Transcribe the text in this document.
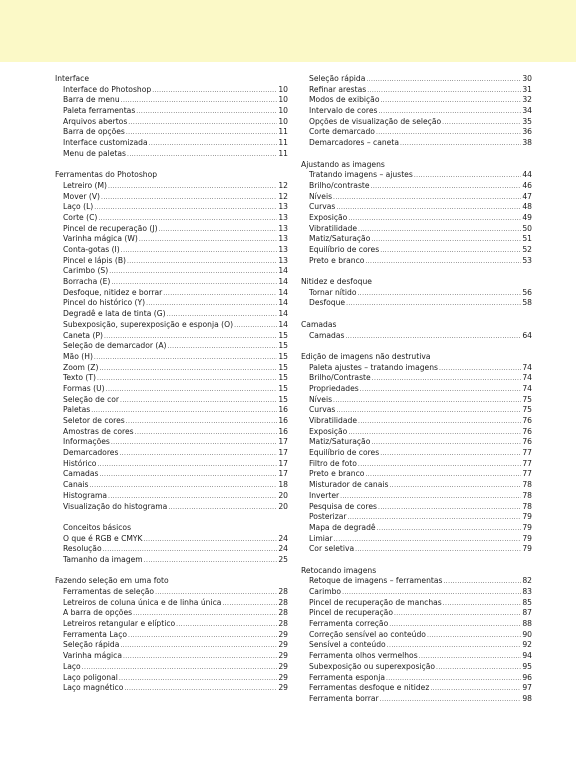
Interface
Interface do Photoshop .....	10
Barra de menu .....	10
Paleta ferramentas .....	10
Arquivos abertos .....	10
Barra de opções .....	11
Interface customizada .....	11
Menu de paletas .....	11
Ferramentas do Photoshop
Letreiro (M) .....	12
Mover (V) .....	12
Laço (L) .....	13
Corte (C) .....	13
Pincel de recuperação (J) .....	13
Varinha mágica (W) .....	13
Conta-gotas (I) .....	13
Pincel e lápis (B) .....	13
Carimbo (S) .....	14
Borracha (E) .....	14
Desfoque, nitidez e borrar .....	14
Pincel do histórico (Y) .....	14
Degradê e lata de tinta (G) .....	14
Subexposição, superexposição e esponja (O) .....	14
Caneta (P) .....	15
Seleção de demarcador (A) .....	15
Mão (H) .....	15
Zoom (Z) .....	15
Texto (T) .....	15
Formas (U) .....	15
Seleção de cor .....	15
Paletas .....	16
Seletor de cores .....	16
Amostras de cores .....	16
Informações .....	17
Demarcadores .....	17
Histórico .....	17
Camadas .....	17
Canais .....	18
Histograma .....	20
Visualização do histograma .....	20
Conceitos básicos
O que é RGB e CMYK .....	24
Resolução .....	24
Tamanho da imagem .....	25
Fazendo seleção em uma foto
Ferramentas de seleção .....	28
Letreiros de coluna única e de linha única .....	28
A barra de opções .....	28
Letreiros retangular e elíptico .....	28
Ferramenta Laço .....	29
Seleção rápida .....	29
Varinha mágica .....	29
Laço .....	29
Laço poligonal .....	29
Laço magnético .....	29
Seleção rápida .....	30
Refinar arestas .....	31
Modos de exibição .....	32
Intervalo de cores .....	34
Opções de visualização de seleção .....	35
Corte demarcado .....	36
Demarcadores – caneta .....	38
Ajustando as imagens
Tratando imagens – ajustes .....	44
Brilho/contraste .....	46
Níveis .....	47
Curvas .....	48
Exposição .....	49
Vibratilidade .....	50
Matiz/Saturação .....	51
Equilíbrio de cores .....	52
Preto e branco .....	53
Nitidez e desfoque
Tornar nítido .....	56
Desfoque .....	58
Camadas
Camadas .....	64
Edição de imagens não destrutiva
Paleta ajustes – tratando imagens .....	74
Brilho/Contraste .....	74
Propriedades .....	74
Níveis .....	75
Curvas .....	75
Vibratilidade .....	76
Exposição .....	76
Matiz/Saturação .....	76
Equilíbrio de cores .....	77
Filtro de foto .....	77
Preto e branco .....	77
Misturador de canais .....	78
Inverter .....	78
Pesquisa de cores .....	78
Posterizar .....	79
Mapa de degradê .....	79
Limiar .....	79
Cor seletiva .....	79
Retocando imagens
Retoque de imagens – ferramentas .....	82
Carimbo .....	83
Pincel de recuperação de manchas .....	85
Pincel de recuperação .....	87
Ferramenta correção .....	88
Correção sensível ao conteúdo .....	90
Sensível a conteúdo .....	92
Ferramenta olhos vermelhos .....	94
Subexposição ou superexposição .....	95
Ferramenta esponja .....	96
Ferramentas desfoque e nitidez .....	97
Ferramenta borrar .....	98
